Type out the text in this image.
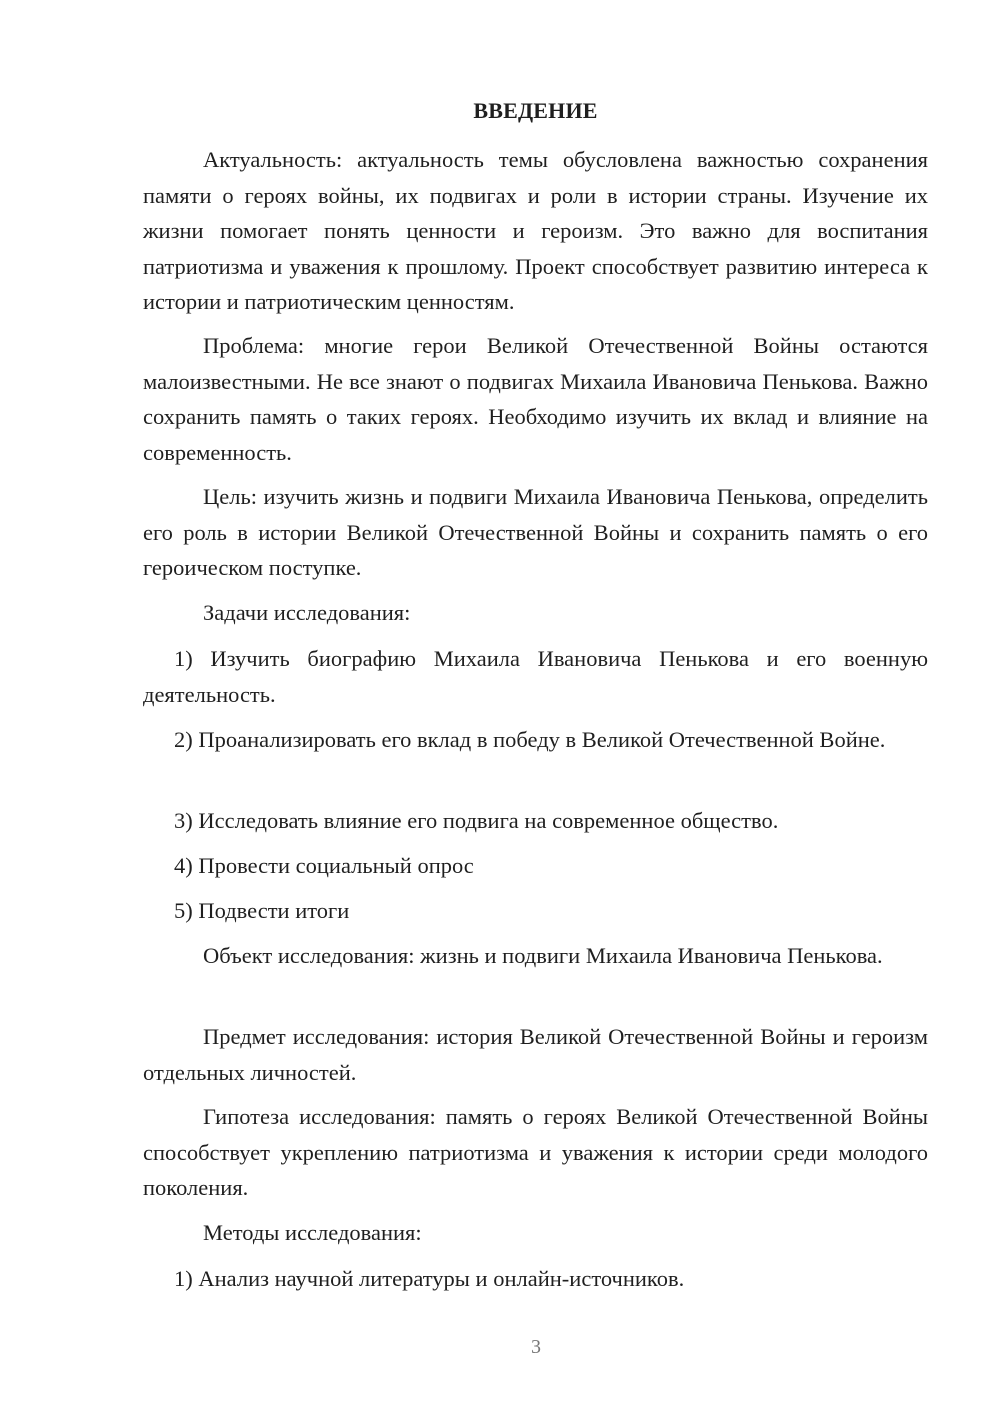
ВВЕДЕНИЕ

Актуальность: актуальность темы обусловлена важностью сохранения памяти о героях войны, их подвигах и роли в истории страны. Изучение их жизни помогает понять ценности и героизм. Это важно для воспитания патриотизма и уважения к прошлому. Проект способствует развитию интереса к истории и патриотическим ценностям.

Проблема: многие герои Великой Отечественной Войны остаются малоизвестными. Не все знают о подвигах Михаила Ивановича Пенькова. Важно сохранить память о таких героях. Необходимо изучить их вклад и влияние на современность.

Цель: изучить жизнь и подвиги Михаила Ивановича Пенькова, определить его роль в истории Великой Отечественной Войны и сохранить память о его героическом поступке.

Задачи исследования:

1) Изучить биографию Михаила Ивановича Пенькова и его военную деятельность.

2) Проанализировать его вклад в победу в Великой Отечественной Войне.

3) Исследовать влияние его подвига на современное общество.

4) Провести социальный опрос

5) Подвести итоги

Объект исследования: жизнь и подвиги Михаила Ивановича Пенькова.

Предмет исследования: история Великой Отечественной Войны и героизм отдельных личностей.

Гипотеза исследования: память о героях Великой Отечественной Войны способствует укреплению патриотизма и уважения к истории среди молодого поколения.

Методы исследования:

1) Анализ научной литературы и онлайн-источников.

3
